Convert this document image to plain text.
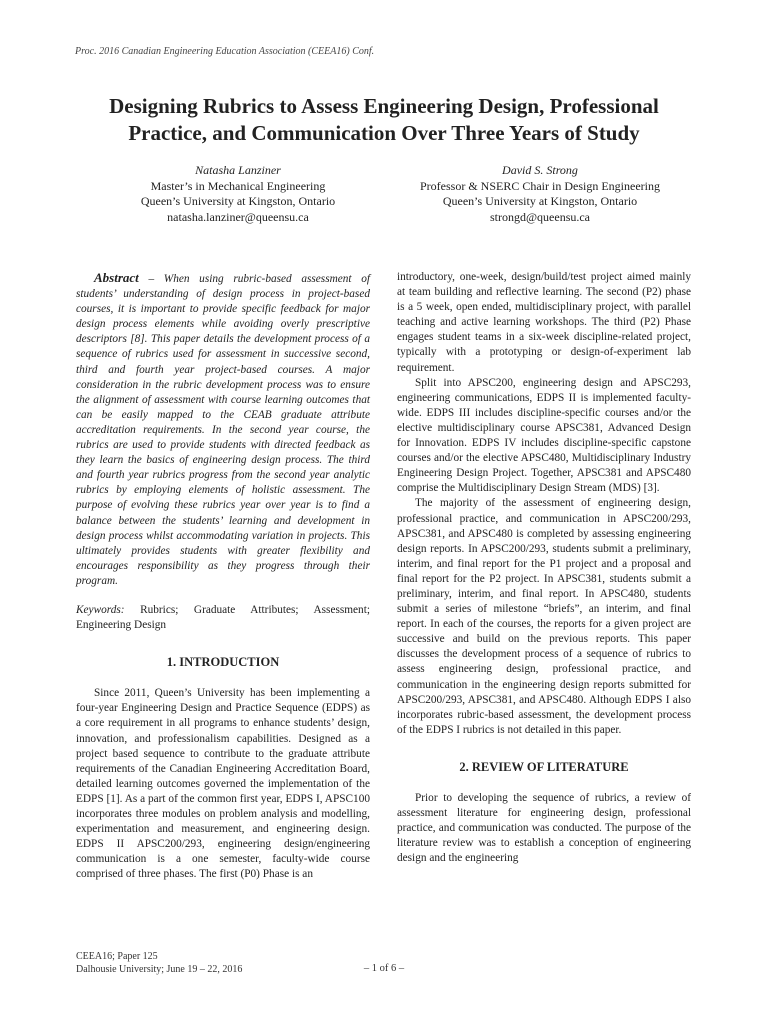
Proc. 2016 Canadian Engineering Education Association (CEEA16) Conf.
Designing Rubrics to Assess Engineering Design, Professional
Practice, and Communication Over Three Years of Study
Natasha Lanziner
Master’s in Mechanical Engineering
Queen’s University at Kingston, Ontario
natasha.lanziner@queensu.ca
David S. Strong
Professor & NSERC Chair in Design Engineering
Queen’s University at Kingston, Ontario
strongd@queensu.ca

Abstract – When using rubric-based assessment of students’ understanding of design process in project-based courses, it is important to provide specific feedback for major design process elements while avoiding overly prescriptive descriptors [8]. This paper details the development process of a sequence of rubrics used for assessment in successive second, third and fourth year project-based courses. A major consideration in the rubric development process was to ensure the alignment of assessment with course learning outcomes that can be easily mapped to the CEAB graduate attribute accreditation requirements. In the second year course, the rubrics are used to provide students with directed feedback as they learn the basics of engineering design process. The third and fourth year rubrics progress from the second year analytic rubrics by employing elements of holistic assessment. The purpose of evolving these rubrics year over year is to find a balance between the students’ learning and development in design process whilst accommodating variation in projects. This ultimately provides students with greater flexibility and encourages responsibility as they progress through their program.

Keywords: Rubrics; Graduate Attributes; Assessment; Engineering Design

1. INTRODUCTION

Since 2011, Queen’s University has been implementing a four-year Engineering Design and Practice Sequence (EDPS) as a core requirement in all programs to enhance students’ design, innovation, and professionalism capabilities. Designed as a project based sequence to contribute to the graduate attribute requirements of the Canadian Engineering Accreditation Board, detailed learning outcomes governed the implementation of the EDPS [1]. As a part of the common first year, EDPS I, APSC100 incorporates three modules on problem analysis and modelling, experimentation and measurement, and engineering design. EDPS II APSC200/293, engineering design/engineering communication is a one semester, faculty-wide course comprised of three phases. The first (P0) Phase is an

introductory, one-week, design/build/test project aimed mainly at team building and reflective learning. The second (P2) phase is a 5 week, open ended, multidisciplinary project, with parallel teaching and active learning workshops. The third (P2) Phase engages student teams in a six-week discipline-related project, typically with a prototyping or design-of-experiment lab requirement.

Split into APSC200, engineering design and APSC293, engineering communications, EDPS II is implemented faculty-wide. EDPS III includes discipline-specific courses and/or the elective multidisciplinary course APSC381, Advanced Design for Innovation. EDPS IV includes discipline-specific capstone courses and/or the elective APSC480, Multidisciplinary Industry Engineering Design Project. Together, APSC381 and APSC480 comprise the Multidisciplinary Design Stream (MDS) [3].

The majority of the assessment of engineering design, professional practice, and communication in APSC200/293, APSC381, and APSC480 is completed by assessing engineering design reports. In APSC200/293, students submit a preliminary, interim, and final report for the P1 project and a proposal and final report for the P2 project. In APSC381, students submit a preliminary, interim, and final report. In APSC480, students submit a series of milestone “briefs”, an interim, and final report. In each of the courses, the reports for a given project are successive and build on the previous reports. This paper discusses the development process of a sequence of rubrics to assess engineering design, professional practice, and communication in the engineering design reports submitted for APSC200/293, APSC381, and APSC480. Although EDPS I also incorporates rubric-based assessment, the development process of the EDPS I rubrics is not detailed in this paper.

2. REVIEW OF LITERATURE

Prior to developing the sequence of rubrics, a review of assessment literature for engineering design, professional practice, and communication was conducted. The purpose of the literature review was to establish a conception of engineering design and the engineering

CEEA16; Paper 125
Dalhousie University; June 19 – 22, 2016	– 1 of 6 –
